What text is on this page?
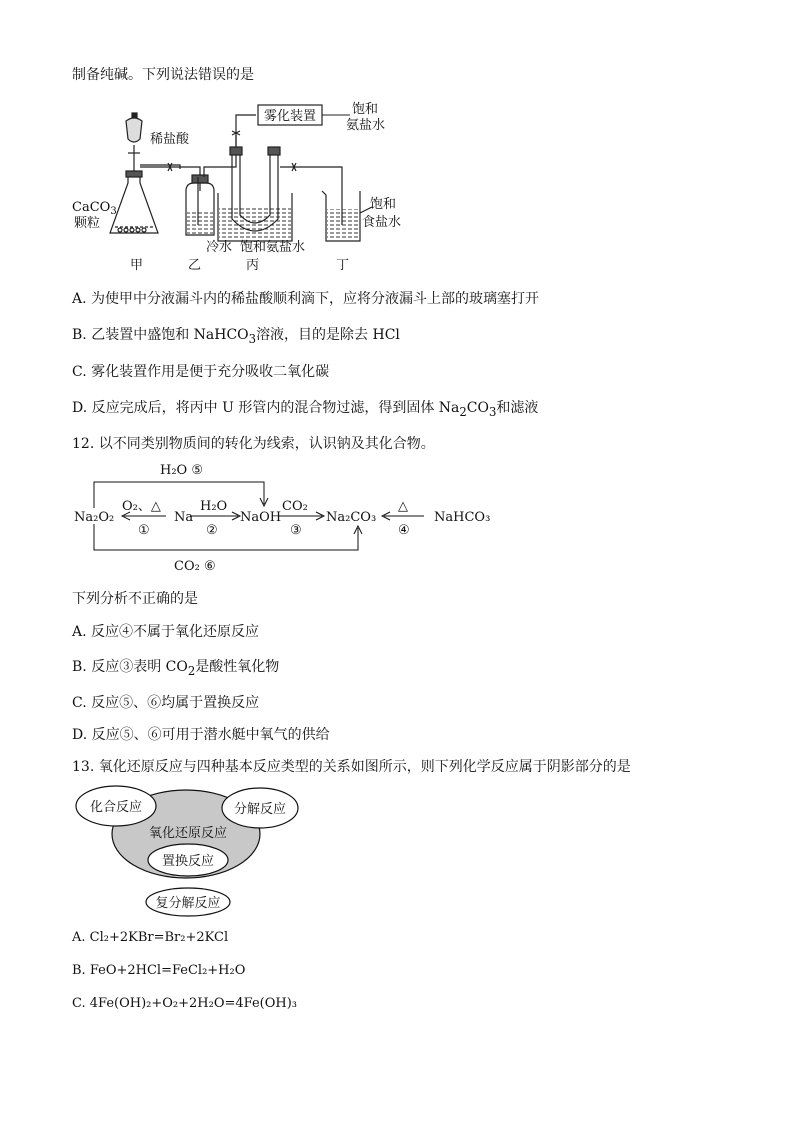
制备纯碱。下列说法错误的是
雾化装置	饱和
氨盐水
饱和
食盐水
稀盐酸
CaCO$_3$
颗粒
冷水 饱和氨盐水
甲	乙	丙	丁
A. 为使甲中分液漏斗内的稀盐酸顺利滴下，应将分液漏斗上部的玻璃塞打开
B. 乙装置中盛饱和 NaHCO$_3$溶液，目的是除去 HCl
C. 雾化装置作用是便于充分吸收二氧化碳
D. 反应完成后，将丙中 U 形管内的混合物过滤，得到固体 $Na_2CO_3$和滤液
12. 以不同类别物质间的转化为线索，认识钠及其化合物。
Na₂O₂	Na	NaOH	Na₂CO₃	NaHCO₃
O₂、△
①
H₂O
②
CO₂
③
△
④
H₂O ⑤
CO₂ ⑥
下列分析不正确的是
A. 反应④不属于氧化还原反应
B. 反应③表明 $CO_2$是酸性氧化物
C. 反应⑤、⑥均属于置换反应
D. 反应⑤、⑥可用于潜水艇中氧气的供给
13. 氧化还原反应与四种基本反应类型的关系如图所示，则下列化学反应属于阴影部分的是
化合反应	分解反应
氧化还原反应
置换反应
复分解反应
A. Cl₂+2KBr=Br₂+2KCl
B. FeO+2HCl=FeCl₂+H₂O
C. 4Fe(OH)₂+O₂+2H₂O=4Fe(OH)₃
